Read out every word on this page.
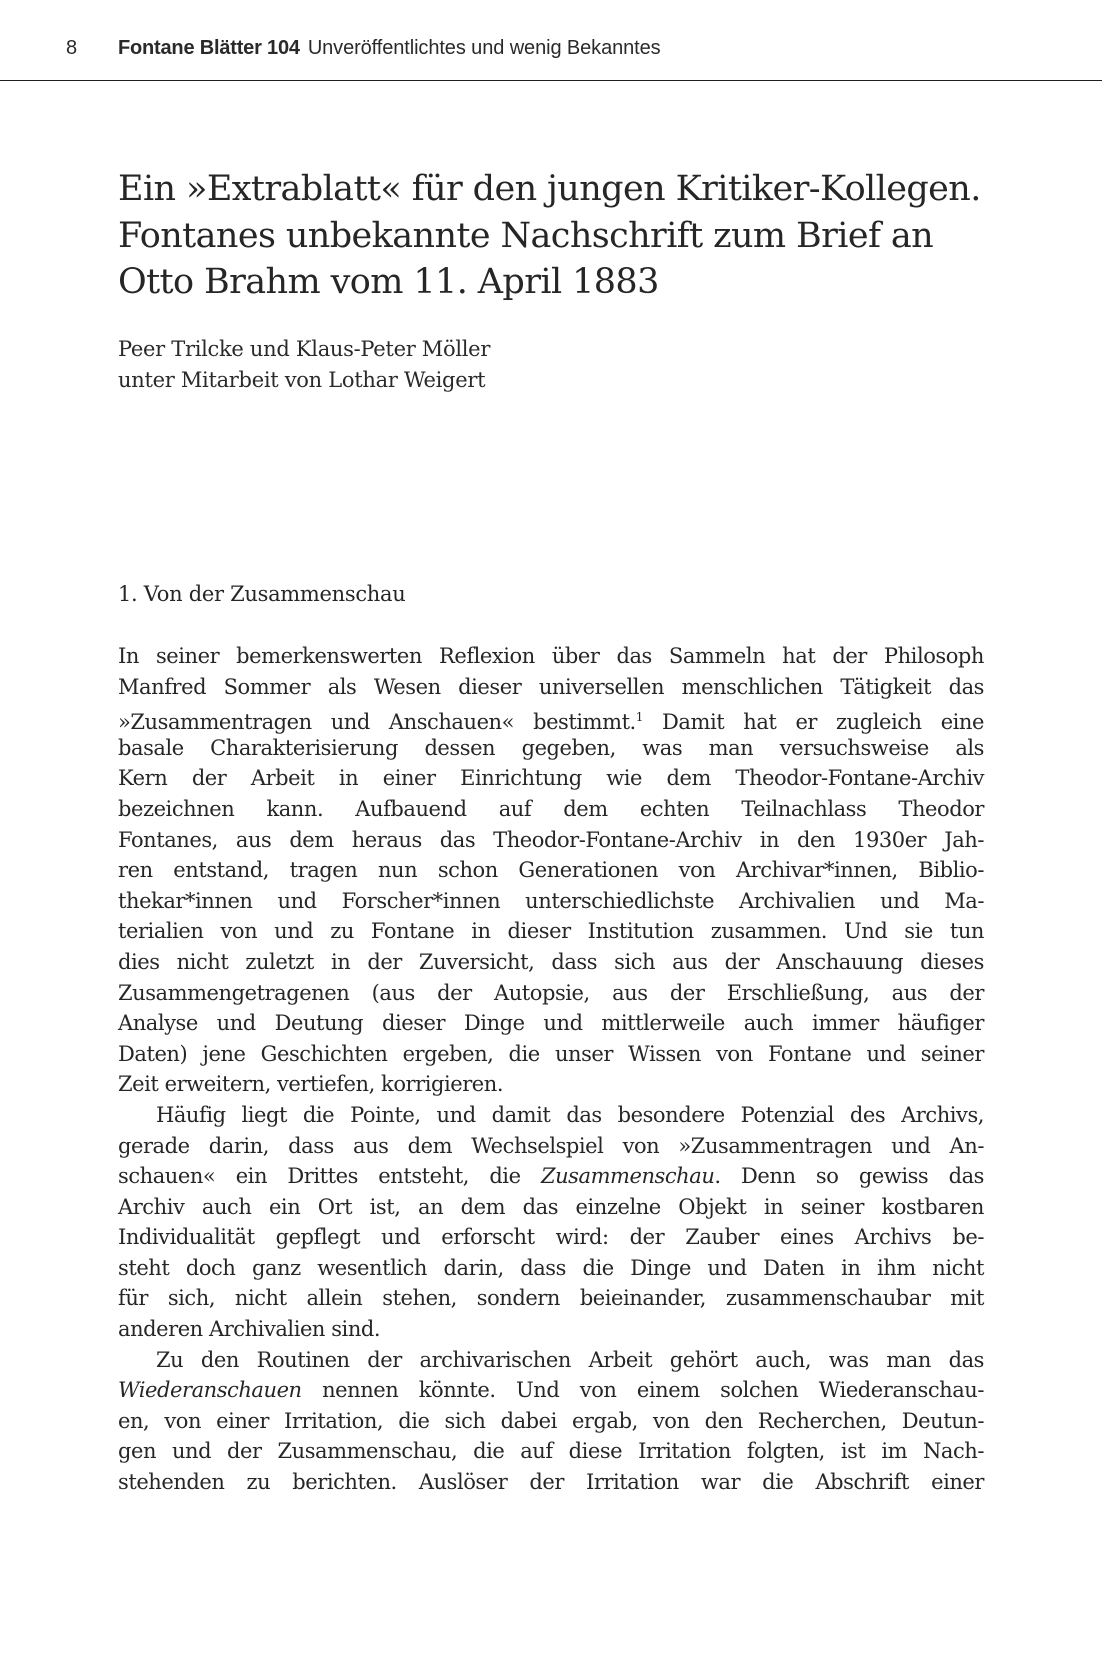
8 Fontane Blätter 104 Unveröffentlichtes und wenig Bekanntes
Ein »Extrablatt« für den jungen Kritiker-Kollegen.
Fontanes unbekannte Nachschrift zum Brief an
Otto Brahm vom 11. April 1883
Peer Trilcke und Klaus-Peter Möller
unter Mitarbeit von Lothar Weigert
1. Von der Zusammenschau
In seiner bemerkenswerten Reflexion über das Sammeln hat der Philosoph
Manfred Sommer als Wesen dieser universellen menschlichen Tätigkeit das
»Zusammentragen und Anschauen« bestimmt.$^1$ Damit hat er zugleich eine
basale Charakterisierung dessen gegeben, was man versuchsweise als
Kern der Arbeit in einer Einrichtung wie dem Theodor-Fontane-Archiv
bezeichnen kann. Aufbauend auf dem echten Teilnachlass Theodor
Fontanes, aus dem heraus das Theodor-Fontane-Archiv in den 1930er Jah-
ren entstand, tragen nun schon Generationen von Archivar*innen, Biblio-
thekar*innen und Forscher*innen unterschiedlichste Archivalien und Ma-
terialien von und zu Fontane in dieser Institution zusammen. Und sie tun
dies nicht zuletzt in der Zuversicht, dass sich aus der Anschauung dieses
Zusammengetragenen (aus der Autopsie, aus der Erschließung, aus der
Analyse und Deutung dieser Dinge und mittlerweile auch immer häufiger
Daten) jene Geschichten ergeben, die unser Wissen von Fontane und seiner
Zeit erweitern, vertiefen, korrigieren.
Häufig liegt die Pointe, und damit das besondere Potenzial des Archivs,
gerade darin, dass aus dem Wechselspiel von »Zusammentragen und An-
schauen« ein Drittes entsteht, die Zusammenschau. Denn so gewiss das
Archiv auch ein Ort ist, an dem das einzelne Objekt in seiner kostbaren
Individualität gepflegt und erforscht wird: der Zauber eines Archivs be-
steht doch ganz wesentlich darin, dass die Dinge und Daten in ihm nicht
für sich, nicht allein stehen, sondern beieinander, zusammenschaubar mit
anderen Archivalien sind.
Zu den Routinen der archivarischen Arbeit gehört auch, was man das
Wiederanschauen nennen könnte. Und von einem solchen Wiederanschau-
en, von einer Irritation, die sich dabei ergab, von den Recherchen, Deutun-
gen und der Zusammenschau, die auf diese Irritation folgten, ist im Nach-
stehenden zu berichten. Auslöser der Irritation war die Abschrift einer
